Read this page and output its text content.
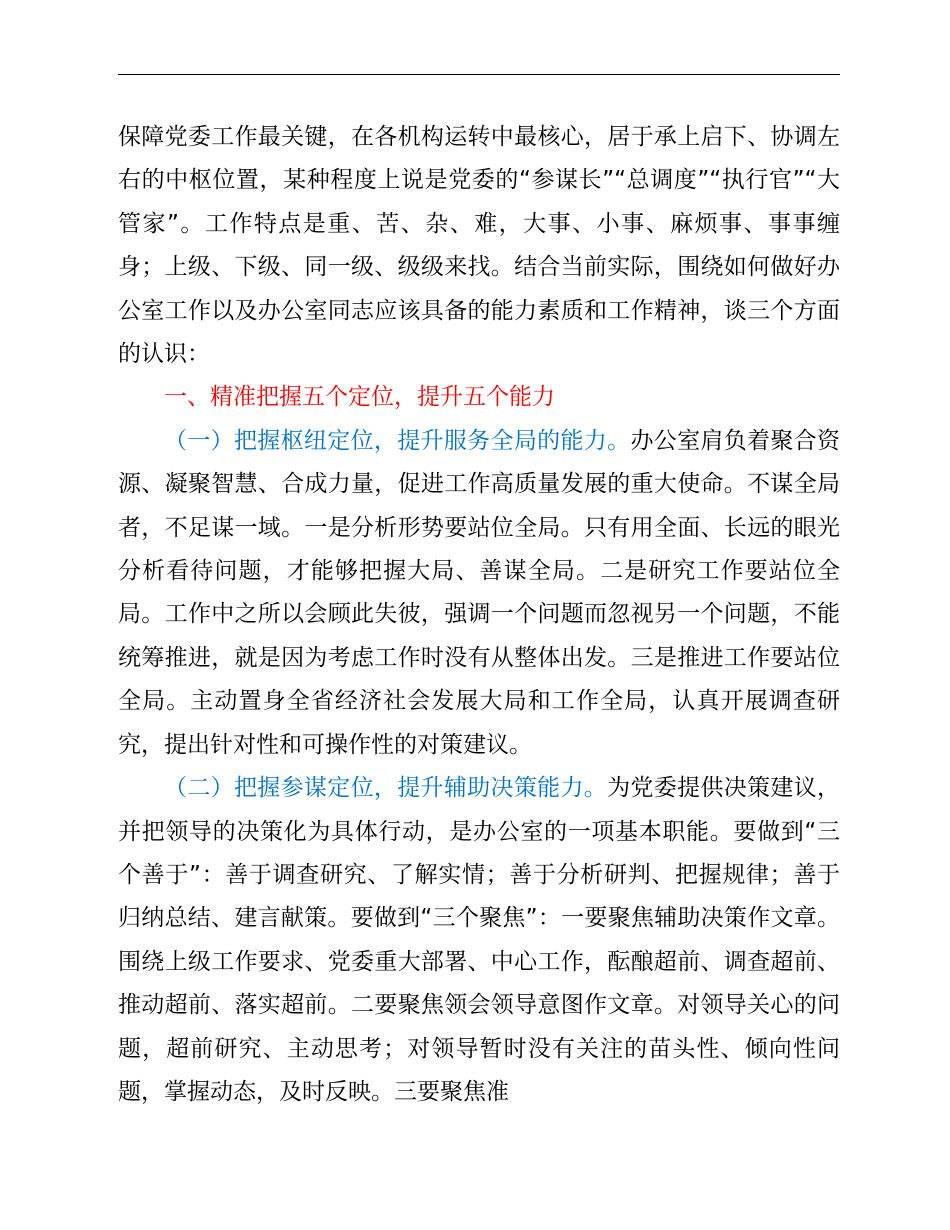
保障党委工作最关键，在各机构运转中最核心，居于承上启下、协调左右的中枢位置，某种程度上说是党委的“参谋长”“总调度”“执行官”“大管家”。工作特点是重、苦、杂、难，大事、小事、麻烦事、事事缠身；上级、下级、同一级、级级来找。结合当前实际，围绕如何做好办公室工作以及办公室同志应该具备的能力素质和工作精神，谈三个方面的认识：

一、精准把握五个定位，提升五个能力

（一）把握枢纽定位，提升服务全局的能力。办公室肩负着聚合资源、凝聚智慧、合成力量，促进工作高质量发展的重大使命。不谋全局者，不足谋一域。一是分析形势要站位全局。只有用全面、长远的眼光分析看待问题，才能够把握大局、善谋全局。二是研究工作要站位全局。工作中之所以会顾此失彼，强调一个问题而忽视另一个问题，不能统筹推进，就是因为考虑工作时没有从整体出发。三是推进工作要站位全局。主动置身全省经济社会发展大局和工作全局，认真开展调查研究，提出针对性和可操作性的对策建议。

（二）把握参谋定位，提升辅助决策能力。为党委提供决策建议，并把领导的决策化为具体行动，是办公室的一项基本职能。要做到“三个善于”：善于调查研究、了解实情；善于分析研判、把握规律；善于归纳总结、建言献策。要做到“三个聚焦”：一要聚焦辅助决策作文章。围绕上级工作要求、党委重大部署、中心工作，酝酿超前、调查超前、推动超前、落实超前。二要聚焦领会领导意图作文章。对领导关心的问题，超前研究、主动思考；对领导暂时没有关注的苗头性、倾向性问题，掌握动态，及时反映。三要聚焦准
